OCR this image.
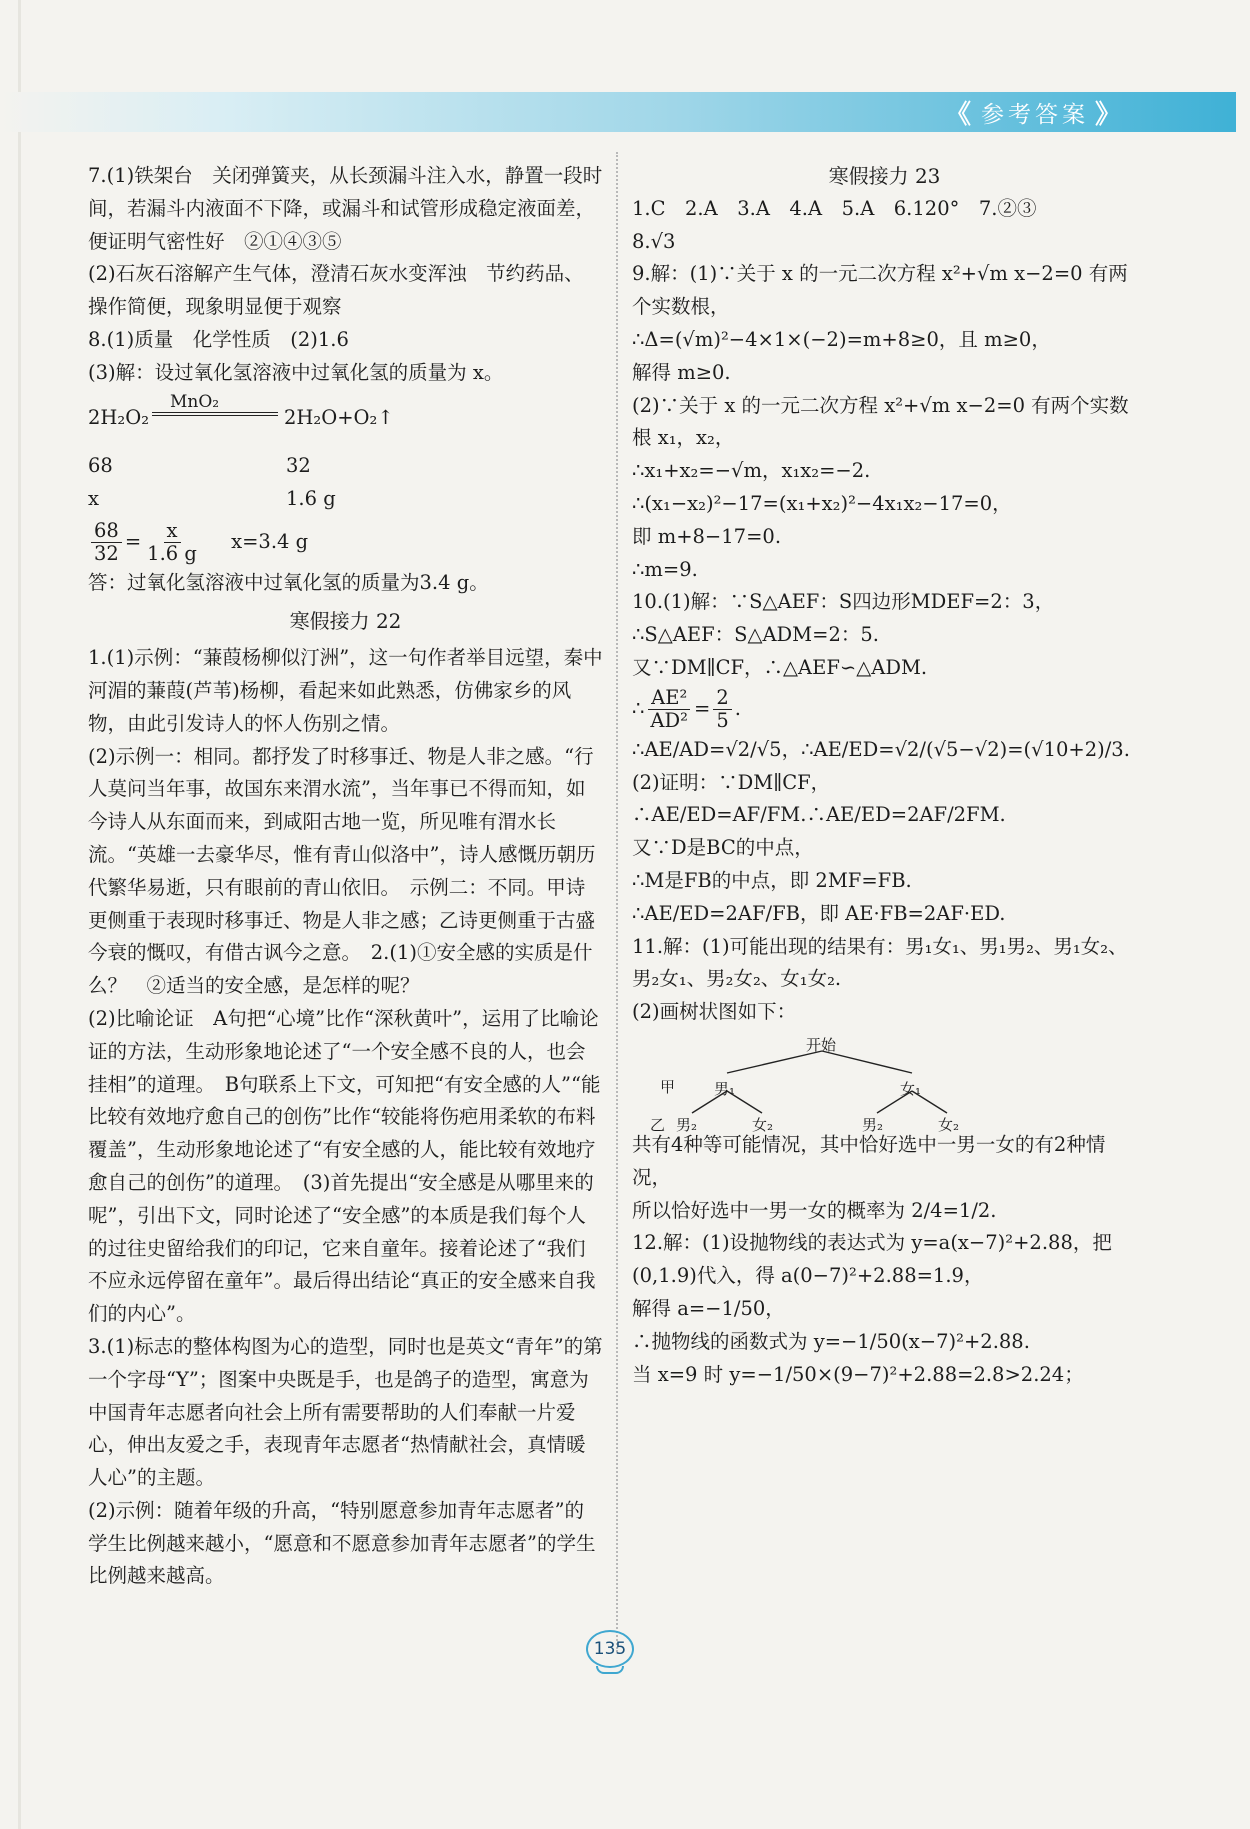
《 参考答案 》

7.(1)铁架台　关闭弹簧夹，从长颈漏斗注入水，静置一段时间，若漏斗内液面不下降，或漏斗和试管形成稳定液面差，便证明气密性好　②①④③⑤

(2)石灰石溶解产生气体，澄清石灰水变浑浊　节约药品、操作简便，现象明显便于观察

8.(1)质量　化学性质　(2)1.6

(3)解：设过氧化氢溶液中过氧化氢的质量为 x。

2H₂O₂
MnO₂
2H₂O+O₂↑
68	32
x	1.6 g
$\frac{68}{32} = \frac{x}{1.6 g} x=3.4$ g

答：过氧化氢溶液中过氧化氢的质量为3.4 g。

寒假接力 22

1.(1)示例：“蒹葭杨柳似汀洲”，这一句作者举目远望，秦中河湄的蒹葭(芦苇)杨柳，看起来如此熟悉，仿佛家乡的风物，由此引发诗人的怀人伤别之情。

(2)示例一：相同。都抒发了时移事迁、物是人非之感。“行人莫问当年事，故国东来渭水流”，当年事已不得而知，如今诗人从东面而来，到咸阳古地一览，所见唯有渭水长流。“英雄一去豪华尽，惟有青山似洛中”，诗人感慨历朝历代繁华易逝，只有眼前的青山依旧。　示例二：不同。甲诗更侧重于表现时移事迁、物是人非之感；乙诗更侧重于古盛今衰的慨叹，有借古讽今之意。　2.(1)①安全感的实质是什么？　②适当的安全感，是怎样的呢？

(2)比喻论证　A句把“心境”比作“深秋黄叶”，运用了比喻论证的方法，生动形象地论述了“一个安全感不良的人，也会挂相”的道理。　B句联系上下文，可知把“有安全感的人”“能比较有效地疗愈自己的创伤”比作“较能将伤疤用柔软的布料覆盖”，生动形象地论述了“有安全感的人，能比较有效地疗愈自己的创伤”的道理。　(3)首先提出“安全感是从哪里来的呢”，引出下文，同时论述了“安全感”的本质是我们每个人的过往史留给我们的印记，它来自童年。接着论述了“我们不应永远停留在童年”。最后得出结论“真正的安全感来自我们的内心”。

3.(1)标志的整体构图为心的造型，同时也是英文“青年”的第一个字母“Y”；图案中央既是手，也是鸽子的造型，寓意为中国青年志愿者向社会上所有需要帮助的人们奉献一片爱心，伸出友爱之手，表现青年志愿者“热情献社会，真情暖人心”的主题。

(2)示例：随着年级的升高，“特别愿意参加青年志愿者”的学生比例越来越小，“愿意和不愿意参加青年志愿者”的学生比例越来越高。

寒假接力 23

1.C　2.A　3.A　4.A　5.A　6.120°　7.②③

8.√3

9.解：(1)∵关于 x 的一元二次方程 x²+√m x−2=0 有两个实数根，

∴Δ=(√m)²−4×1×(−2)=m+8≥0，且 m≥0，

解得 m≥0.

(2)∵关于 x 的一元二次方程 x²+√m x−2=0 有两个实数根 x₁，x₂，

∴x₁+x₂=−√m，x₁x₂=−2.

∴(x₁−x₂)²−17=(x₁+x₂)²−4x₁x₂−17=0，

即 m+8−17=0.

∴m=9.

10.(1)解：∵S△AEF：S四边形MDEF=2：3，

∴S△AEF：S△ADM=2：5.

又∵DM∥CF，∴△AEF∽△ADM.

∴ $\frac{\text{AE²}}{\text{AD²}} = \frac{2}{5}$ .

∴AE/AD=√2/√5，∴AE/ED=√2/(√5−√2)=(√10+2)/3.

(2)证明：∵DM∥CF，∴AE/ED=AF/FM.∴AE/ED=2AF/2FM.

又∵D是BC的中点，

∴M是FB的中点，即 2MF=FB.

∴AE/ED=2AF/FB，即 AE·FB=2AF·ED.

11.解：(1)可能出现的结果有：男₁女₁、男₁男₂、男₁女₂、男₂女₁、男₂女₂、女₁女₂.

(2)画树状图如下：

开始
甲	男₁	女₁
乙 男₂	女₂	男₂	女₂

共有4种等可能情况，其中恰好选中一男一女的有2种情况，

所以恰好选中一男一女的概率为 2/4=1/2.

12.解：(1)设抛物线的表达式为 y=a(x−7)²+2.88，把(0,1.9)代入，得 a(0−7)²+2.88=1.9，

解得 a=−1/50，

∴抛物线的函数式为 y=−1/50(x−7)²+2.88.

当 x=9 时 y=−1/50×(9−7)²+2.88=2.8>2.24；

135
